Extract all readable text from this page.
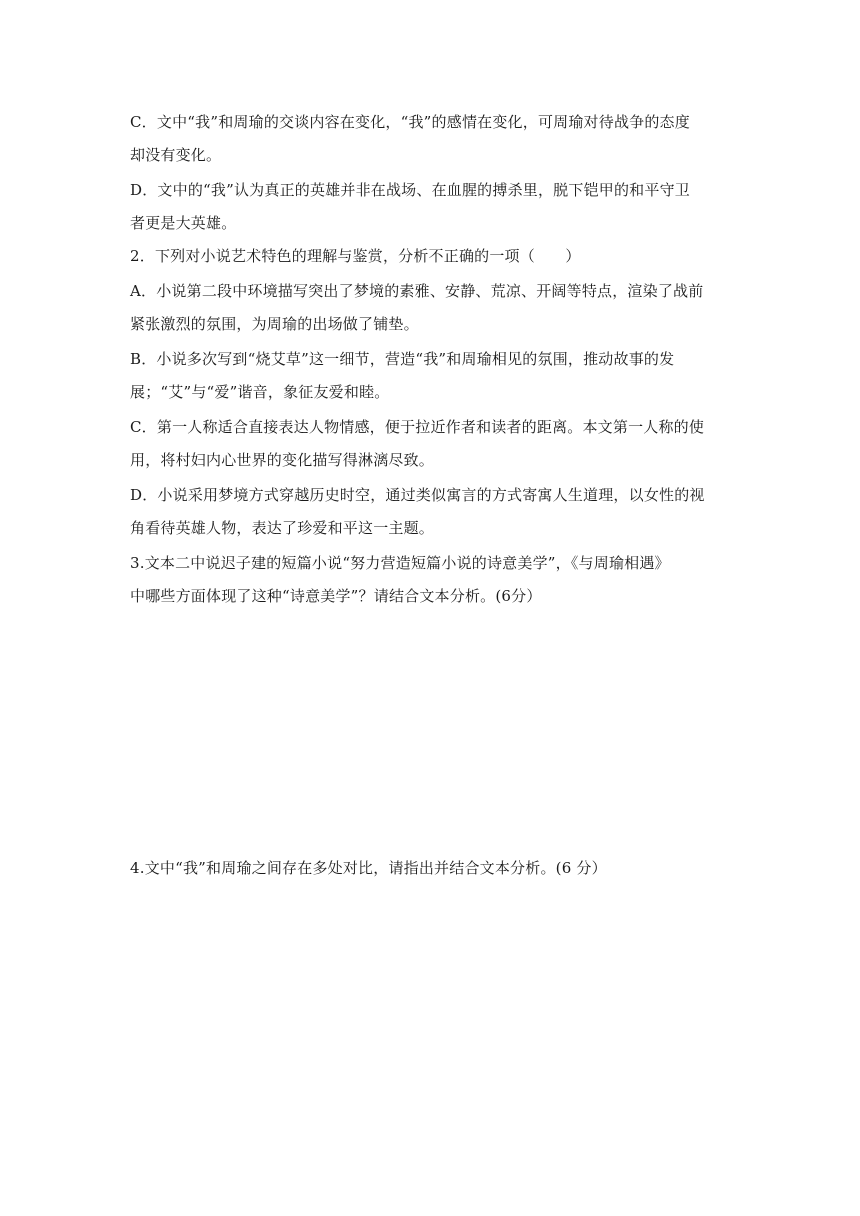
C．文中“我”和周瑜的交谈内容在变化，“我”的感情在变化，可周瑜对待战争的态度
却没有变化。
D．文中的“我”认为真正的英雄并非在战场、在血腥的搏杀里，脱下铠甲的和平守卫
者更是大英雄。
2．下列对小说艺术特色的理解与鉴赏，分析不正确的一项（　　）
A．小说第二段中环境描写突出了梦境的素雅、安静、荒凉、开阔等特点，渲染了战前
紧张激烈的氛围，为周瑜的出场做了铺垫。
B．小说多次写到“烧艾草”这一细节，营造“我”和周瑜相见的氛围，推动故事的发
展；“艾”与“爱”谐音，象征友爱和睦。
C．第一人称适合直接表达人物情感，便于拉近作者和读者的距离。本文第一人称的使
用，将村妇内心世界的变化描写得淋漓尽致。
D．小说采用梦境方式穿越历史时空，通过类似寓言的方式寄寓人生道理，以女性的视
角看待英雄人物，表达了珍爱和平这一主题。
3.文本二中说迟子建的短篇小说“努力营造短篇小说的诗意美学”，《与周瑜相遇》
中哪些方面体现了这种“诗意美学”？请结合文本分析。(6分）
4.文中“我”和周瑜之间存在多处对比，请指出并结合文本分析。(6 分）
